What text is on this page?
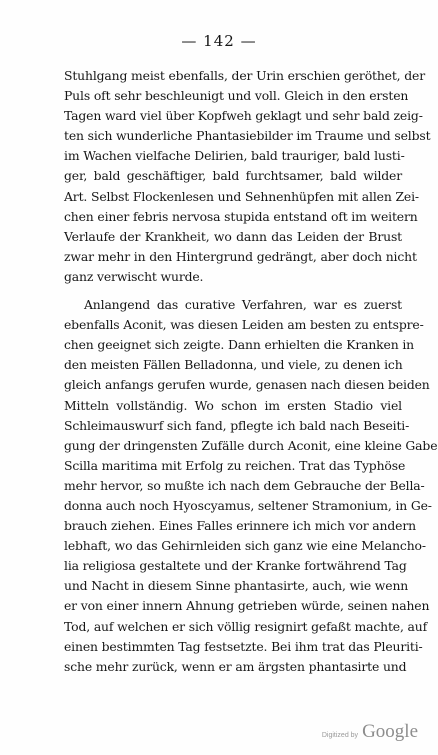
— 142 —
Stuhlgang meist ebenfalls, der Urin erschien geröthet, der
Puls oft sehr beschleunigt und voll. Gleich in den ersten
Tagen ward viel über Kopfweh geklagt und sehr bald zeig-
ten sich wunderliche Phantasiebilder im Traume und selbst
im Wachen vielfache Delirien, bald trauriger, bald lusti-
ger, bald geschäftiger, bald furchtsamer, bald wilder
Art. Selbst Flockenlesen und Sehnenhüpfen mit allen Zei-
chen einer febris nervosa stupida entstand oft im weitern
Verlaufe der Krankheit, wo dann das Leiden der Brust
zwar mehr in den Hintergrund gedrängt, aber doch nicht
ganz verwischt wurde.
Anlangend das curative Verfahren, war es zuerst
ebenfalls Aconit, was diesen Leiden am besten zu entspre-
chen geeignet sich zeigte. Dann erhielten die Kranken in
den meisten Fällen Belladonna, und viele, zu denen ich
gleich anfangs gerufen wurde, genasen nach diesen beiden
Mitteln vollständig. Wo schon im ersten Stadio viel
Schleimauswurf sich fand, pflegte ich bald nach Beseiti-
gung der dringensten Zufälle durch Aconit, eine kleine Gabe
Scilla maritima mit Erfolg zu reichen. Trat das Typhöse
mehr hervor, so mußte ich nach dem Gebrauche der Bella-
donna auch noch Hyoscyamus, seltener Stramonium, in Ge-
brauch ziehen. Eines Falles erinnere ich mich vor andern
lebhaft, wo das Gehirnleiden sich ganz wie eine Melancho-
lia religiosa gestaltete und der Kranke fortwährend Tag
und Nacht in diesem Sinne phantasirte, auch, wie wenn
er von einer innern Ahnung getrieben würde, seinen nahen
Tod, auf welchen er sich völlig resignirt gefaßt machte, auf
einen bestimmten Tag festsetzte. Bei ihm trat das Pleuriti-
sche mehr zurück, wenn er am ärgsten phantasirte und
Digitized by Google
